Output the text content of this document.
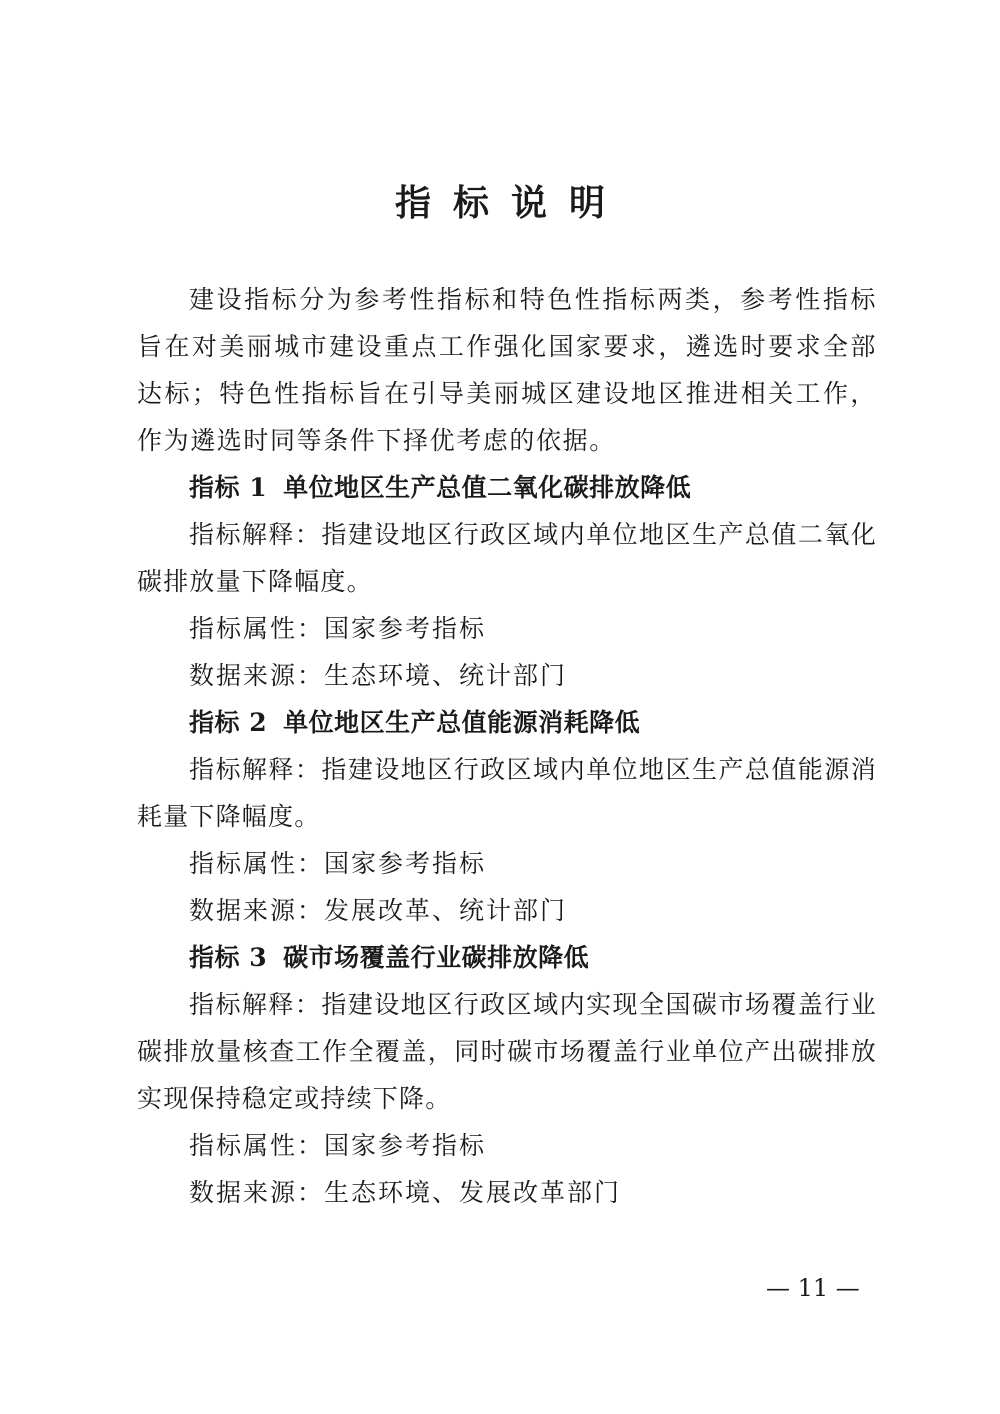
指标说明

建设指标分为参考性指标和特色性指标两类，参考性指标旨在对美丽城市建设重点工作强化国家要求，遴选时要求全部达标；特色性指标旨在引导美丽城区建设地区推进相关工作，作为遴选时同等条件下择优考虑的依据。

指标 1 单位地区生产总值二氧化碳排放降低

指标解释：指建设地区行政区域内单位地区生产总值二氧化碳排放量下降幅度。

指标属性：国家参考指标

数据来源：生态环境、统计部门

指标 2 单位地区生产总值能源消耗降低

指标解释：指建设地区行政区域内单位地区生产总值能源消耗量下降幅度。

指标属性：国家参考指标

数据来源：发展改革、统计部门

指标 3 碳市场覆盖行业碳排放降低

指标解释：指建设地区行政区域内实现全国碳市场覆盖行业碳排放量核查工作全覆盖，同时碳市场覆盖行业单位产出碳排放实现保持稳定或持续下降。

指标属性：国家参考指标

数据来源：生态环境、发展改革部门

— 11 —
